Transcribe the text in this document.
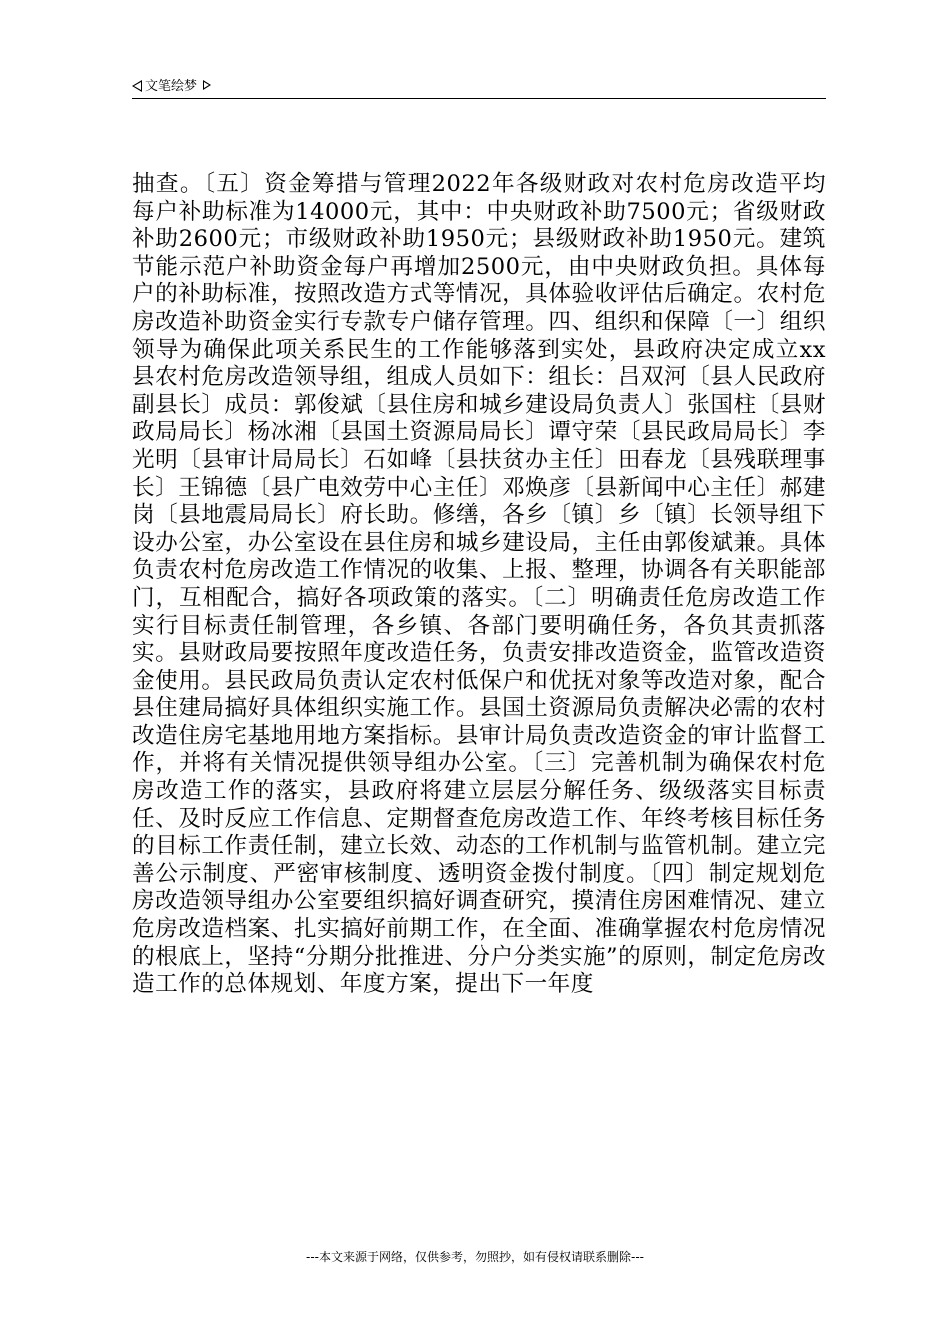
文笔绘梦

抽查。〔五〕资金筹措与管理2022年各级财政对农村危房改造平均每户补助标准为14000元，其中：中央财政补助7500元；省级财政补助2600元；市级财政补助1950元；县级财政补助1950元。建筑节能示范户补助资金每户再增加2500元，由中央财政负担。具体每户的补助标准，按照改造方式等情况，具体验收评估后确定。农村危房改造补助资金实行专款专户储存管理。四、组织和保障〔一〕组织领导为确保此项关系民生的工作能够落到实处，县政府决定成立xx县农村危房改造领导组，组成人员如下：组长：吕双河〔县人民政府副县长〕成员：郭俊斌〔县住房和城乡建设局负责人〕张国柱〔县财政局局长〕杨冰湘〔县国土资源局局长〕谭守荣〔县民政局局长〕李光明〔县审计局局长〕石如峰〔县扶贫办主任〕田春龙〔县残联理事长〕王锦德〔县广电效劳中心主任〕邓焕彦〔县新闻中心主任〕郝建岗〔县地震局局长〕府长助。修缮，各乡〔镇〕乡〔镇〕长领导组下设办公室，办公室设在县住房和城乡建设局，主任由郭俊斌兼。具体负责农村危房改造工作情况的收集、上报、整理，协调各有关职能部门，互相配合，搞好各项政策的落实。〔二〕明确责任危房改造工作实行目标责任制管理，各乡镇、各部门要明确任务，各负其责抓落实。县财政局要按照年度改造任务，负责安排改造资金，监管改造资金使用。县民政局负责认定农村低保户和优抚对象等改造对象，配合县住建局搞好具体组织实施工作。县国土资源局负责解决必需的农村改造住房宅基地用地方案指标。县审计局负责改造资金的审计监督工作，并将有关情况提供领导组办公室。〔三〕完善机制为确保农村危房改造工作的落实，县政府将建立层层分解任务、级级落实目标责任、及时反应工作信息、定期督查危房改造工作、年终考核目标任务的目标工作责任制，建立长效、动态的工作机制与监管机制。建立完善公示制度、严密审核制度、透明资金拨付制度。〔四〕制定规划危房改造领导组办公室要组织搞好调查研究，摸清住房困难情况、建立危房改造档案、扎实搞好前期工作，在全面、准确掌握农村危房情况的根底上，坚持“分期分批推进、分户分类实施”的原则，制定危房改造工作的总体规划、年度方案，提出下一年度

---本文来源于网络，仅供参考，勿照抄，如有侵权请联系删除---
